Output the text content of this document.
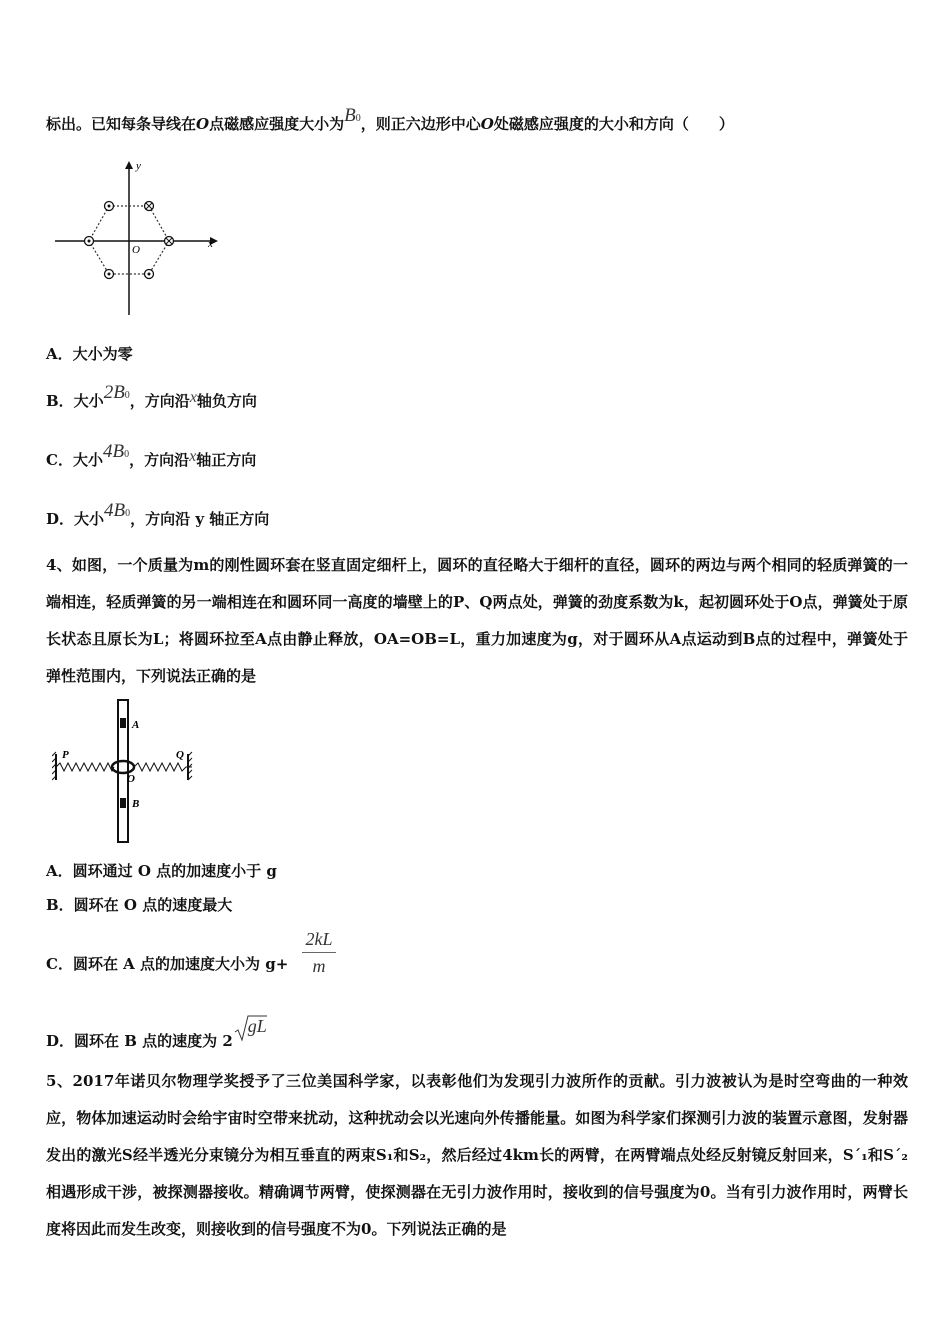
标出。已知每条导线在O点磁感应强度大小为B0，则正六边形中心O处磁感应强度的大小和方向（　　）
y
x
O
A．大小为零
B．大小2B0，方向沿x轴负方向
C．大小4B0，方向沿x轴正方向
D．大小4B0，方向沿 y 轴正方向
4、如图，一个质量为m的刚性圆环套在竖直固定细杆上，圆环的直径略大于细杆的直径，圆环的两边与两个相同的轻质弹簧的一端相连，轻质弹簧的另一端相连在和圆环同一高度的墙壁上的P、Q两点处，弹簧的劲度系数为k，起初圆环处于O点，弹簧处于原长状态且原长为L；将圆环拉至A点由静止释放，OA=OB=L，重力加速度为g，对于圆环从A点运动到B点的过程中，弹簧处于弹性范围内，下列说法正确的是
A
B
O
P	Q
A．圆环通过 O 点的加速度小于 g
B．圆环在 O 点的速度最大
C．圆环在 A 点的加速度大小为 g+
2kL
m
D．圆环在 B 点的速度为 2
gL
5、2017年诺贝尔物理学奖授予了三位美国科学家，以表彰他们为发现引力波所作的贡献。引力波被认为是时空弯曲的一种效应，物体加速运动时会给宇宙时空带来扰动，这种扰动会以光速向外传播能量。如图为科学家们探测引力波的装置示意图，发射器发出的激光S经半透光分束镜分为相互垂直的两束S₁和S₂，然后经过4km长的两臂，在两臂端点处经反射镜反射回来，S´₁和S´₂相遇形成干涉，被探测器接收。精确调节两臂，使探测器在无引力波作用时，接收到的信号强度为0。当有引力波作用时，两臂长度将因此而发生改变，则接收到的信号强度不为0。下列说法正确的是
